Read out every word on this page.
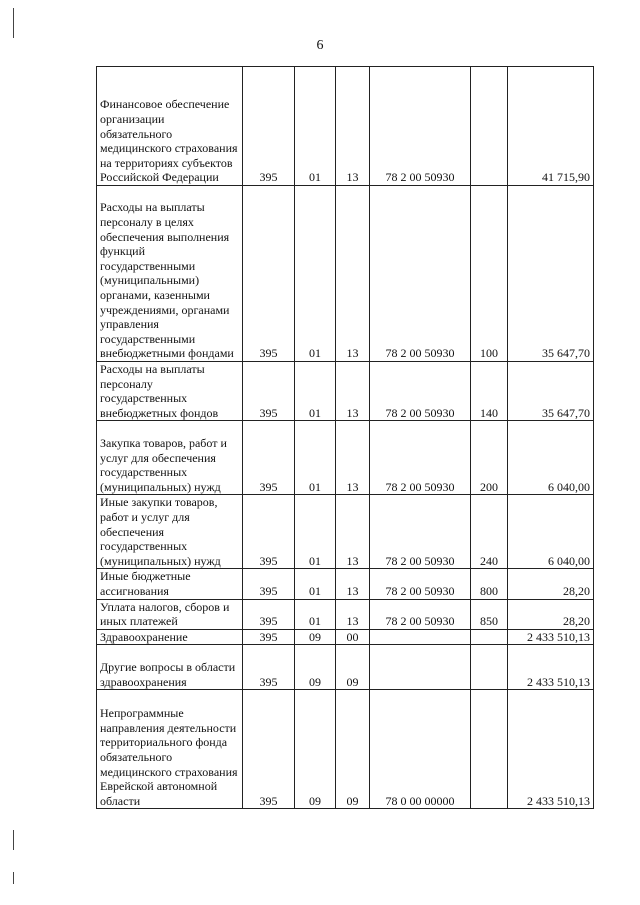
6
Финансовое обеспечение организации обязательного медицинского страхования на территориях субъектов Российской Федерации	395	01	13	78 2 00 50930		41 715,90
Расходы на выплаты персоналу в целях обеспечения выполнения функций государственными (муниципальными) органами, казенными учреждениями, органами управления государственными внебюджетными фондами	395	01	13	78 2 00 50930	100	35 647,70
Расходы на выплаты персоналу государственных внебюджетных фондов	395	01	13	78 2 00 50930	140	35 647,70
Закупка товаров, работ и услуг для обеспечения государственных (муниципальных) нужд	395	01	13	78 2 00 50930	200	6 040,00
Иные закупки товаров, работ и услуг для обеспечения государственных (муниципальных) нужд	395	01	13	78 2 00 50930	240	6 040,00
Иные бюджетные ассигнования	395	01	13	78 2 00 50930	800	28,20
Уплата налогов, сборов и иных платежей	395	01	13	78 2 00 50930	850	28,20
Здравоохранение	395	09	00			2 433 510,13
Другие вопросы в области здравоохранения	395	09	09			2 433 510,13
Непрограммные направления деятельности территориального фонда обязательного медицинского страхования Еврейской автономной области	395	09	09	78 0 00 00000		2 433 510,13
